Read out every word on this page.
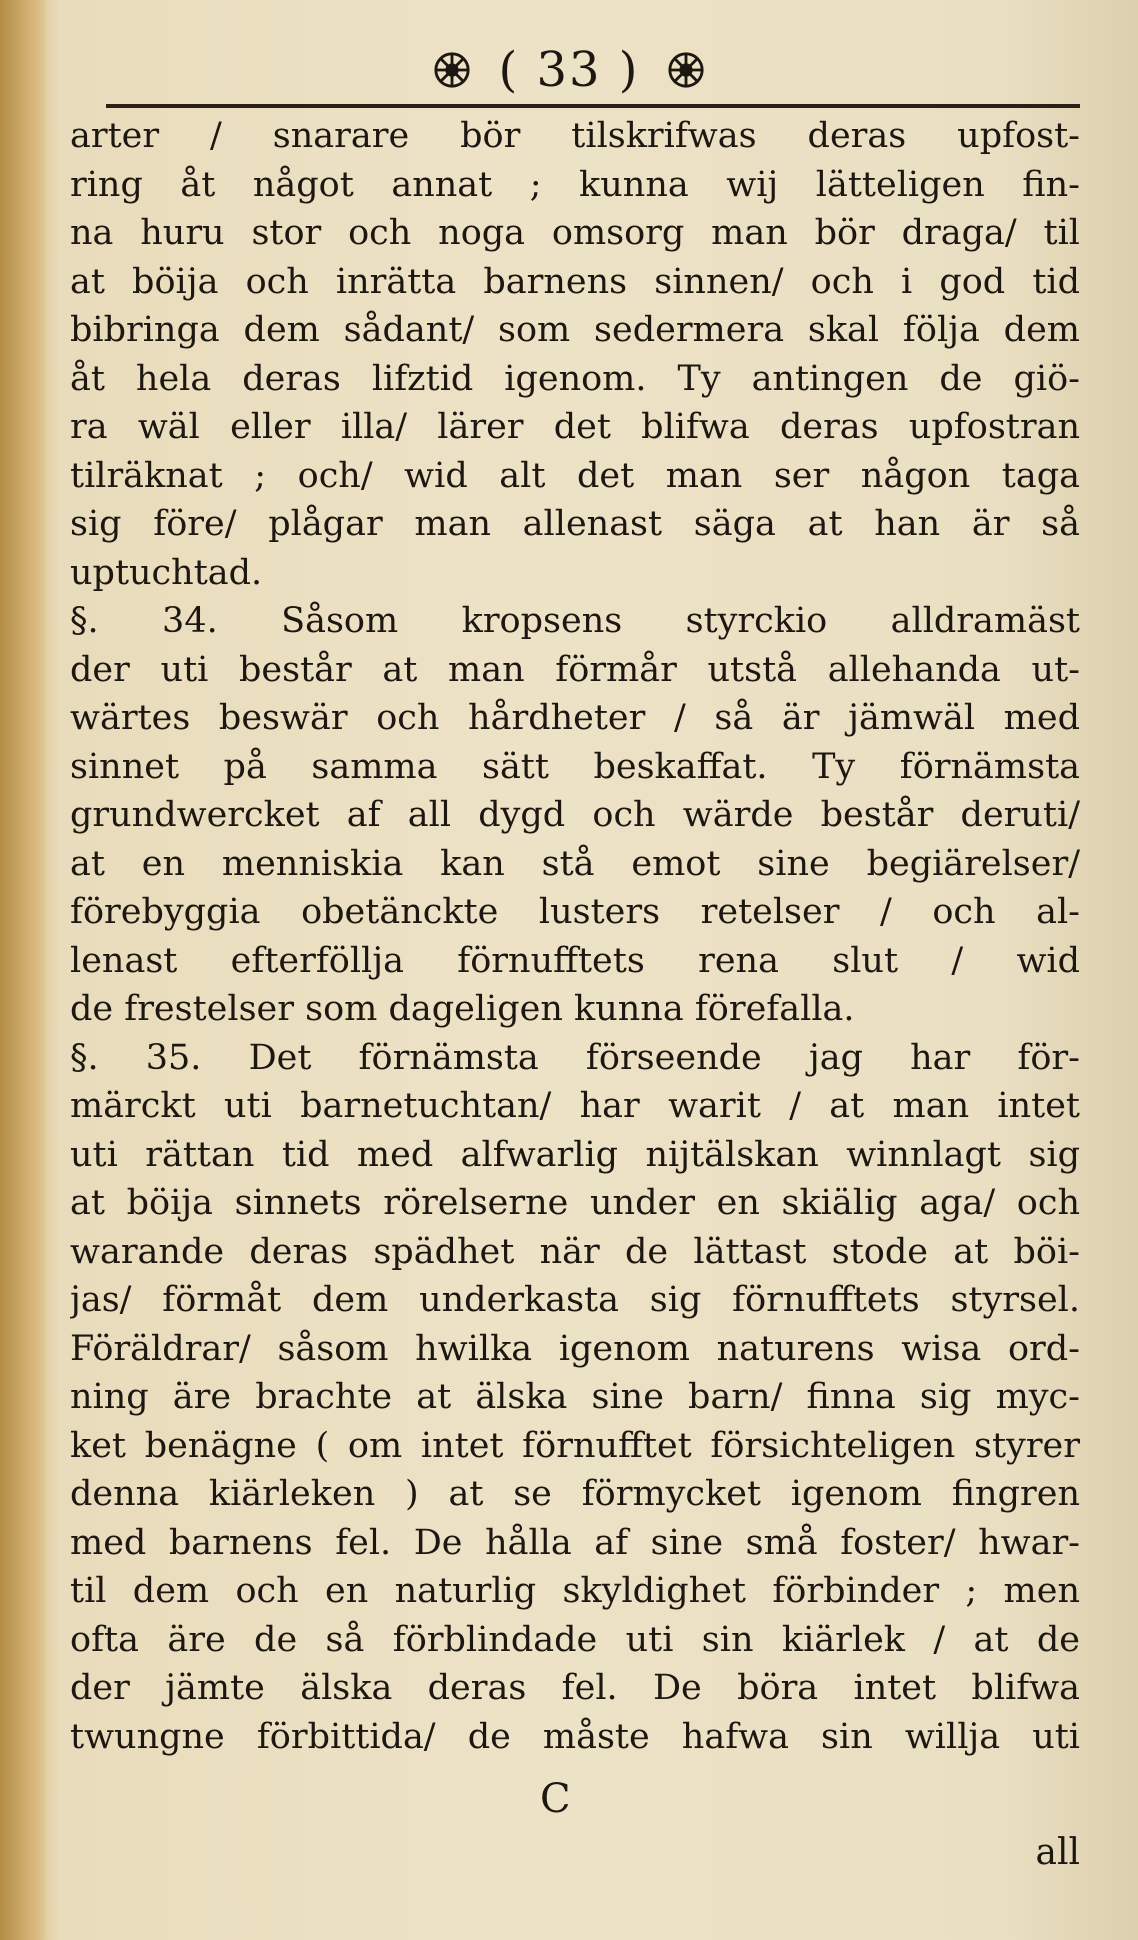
( 33 )
arter / snarare bör tilskrifwas deras upfost-
ring åt något annat ; kunna wij lätteligen fin-
na huru stor och noga omsorg man bör draga/ til
at böija och inrätta barnens sinnen/ och i god tid
bibringa dem sådant/ som sedermera skal följa dem
åt hela deras lifztid igenom. Ty antingen de giö-
ra wäl eller illa/ lärer det blifwa deras upfostran
tilräknat ; och/ wid alt det man ser någon taga
sig före/ plågar man allenast säga at han är så
uptuchtad.
§. 34. Såsom kropsens styrckio alldramäst
der uti består at man förmår utstå allehanda ut-
wärtes beswär och hårdheter / så är jämwäl med
sinnet på samma sätt beskaffat. Ty förnämsta
grundwercket af all dygd och wärde består deruti/
at en menniskia kan stå emot sine begiärelser/
förebyggia obetänckte lusters retelser / och al-
lenast efterföllja förnufftets rena slut / wid
de frestelser som dageligen kunna förefalla.
§. 35. Det förnämsta förseende jag har för-
märckt uti barnetuchtan/ har warit / at man intet
uti rättan tid med alfwarlig nijtälskan winnlagt sig
at böija sinnets rörelserne under en skiälig aga/ och
warande deras spädhet när de lättast stode at böi-
jas/ förmåt dem underkasta sig förnufftets styrsel.
Föräldrar/ såsom hwilka igenom naturens wisa ord-
ning äre brachte at älska sine barn/ finna sig myc-
ket benägne ( om intet förnufftet försichteligen styrer
denna kiärleken ) at se förmycket igenom fingren
med barnens fel. De hålla af sine små foster/ hwar-
til dem och en naturlig skyldighet förbinder ; men
ofta äre de så förblindade uti sin kiärlek / at de
der jämte älska deras fel. De böra intet blifwa
twungne förbittida/ de måste hafwa sin willja uti
C
all
